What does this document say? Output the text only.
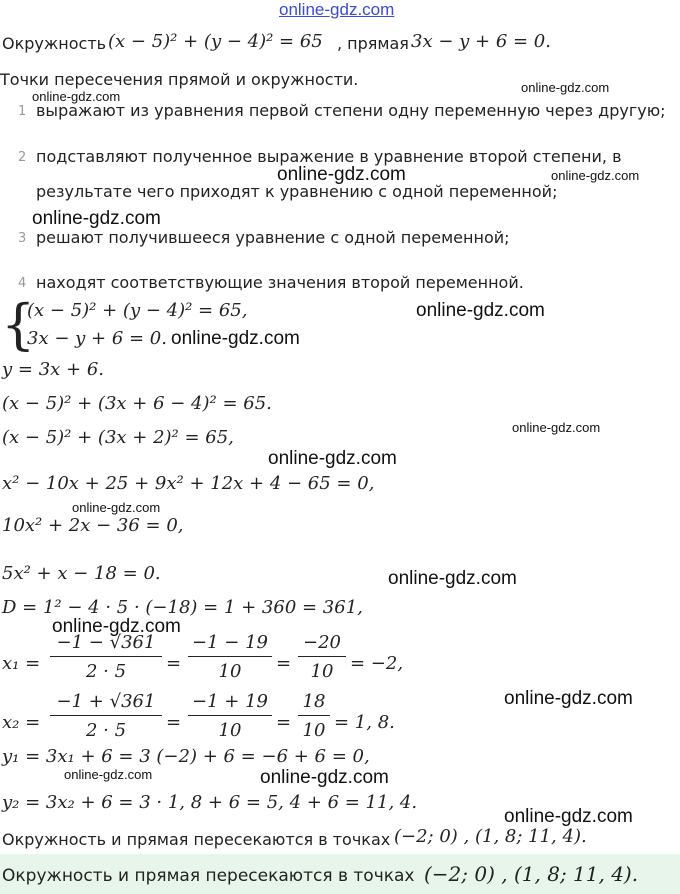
online-gdz.com
Окружность (x − 5)² + (y − 4)² = 65 , прямая 3x − y + 6 = 0.
Точки пересечения прямой и окружности.
online-gdz.com
online-gdz.com
1 выражают из уравнения первой степени одну переменную через другую;
2 подставляют полученное выражение в уравнение второй степени, в
результате чего приходят к уравнению с одной переменной;
online-gdz.com	online-gdz.com
online-gdz.com
3 решают получившееся уравнение с одной переменной;
4 находят соответствующие значения второй переменной.
{
(x − 5)² + (y − 4)² = 65,
3x − y + 6 = 0. online-gdz.com
online-gdz.com
y = 3x + 6.
(x − 5)² + (3x + 6 − 4)² = 65.
(x − 5)² + (3x + 2)² = 65,	online-gdz.com
online-gdz.com
x² − 10x + 25 + 9x² + 12x + 4 − 65 = 0,
online-gdz.com
10x² + 2x − 36 = 0,
5x² + x − 18 = 0.	online-gdz.com
D = 1² − 4 · 5 · (−18) = 1 + 360 = 361,
online-gdz.com
x₁ =
−1 − √361
2 · 5	=
−1 − 19
10	=
−20
10 = −2,
online-gdz.com
x₂ =
−1 + √361
2 · 5	=
−1 + 19
10	=
18
10 = 1, 8.
y₁ = 3x₁ + 6 = 3 (−2) + 6 = −6 + 6 = 0,
online-gdz.com	online-gdz.com
y₂ = 3x₂ + 6 = 3 · 1, 8 + 6 = 5, 4 + 6 = 11, 4.
online-gdz.com
Окружность и прямая пересекаются в точках (−2; 0) , (1, 8; 11, 4).
Окружность и прямая пересекаются в точках (−2; 0) , (1, 8; 11, 4).
